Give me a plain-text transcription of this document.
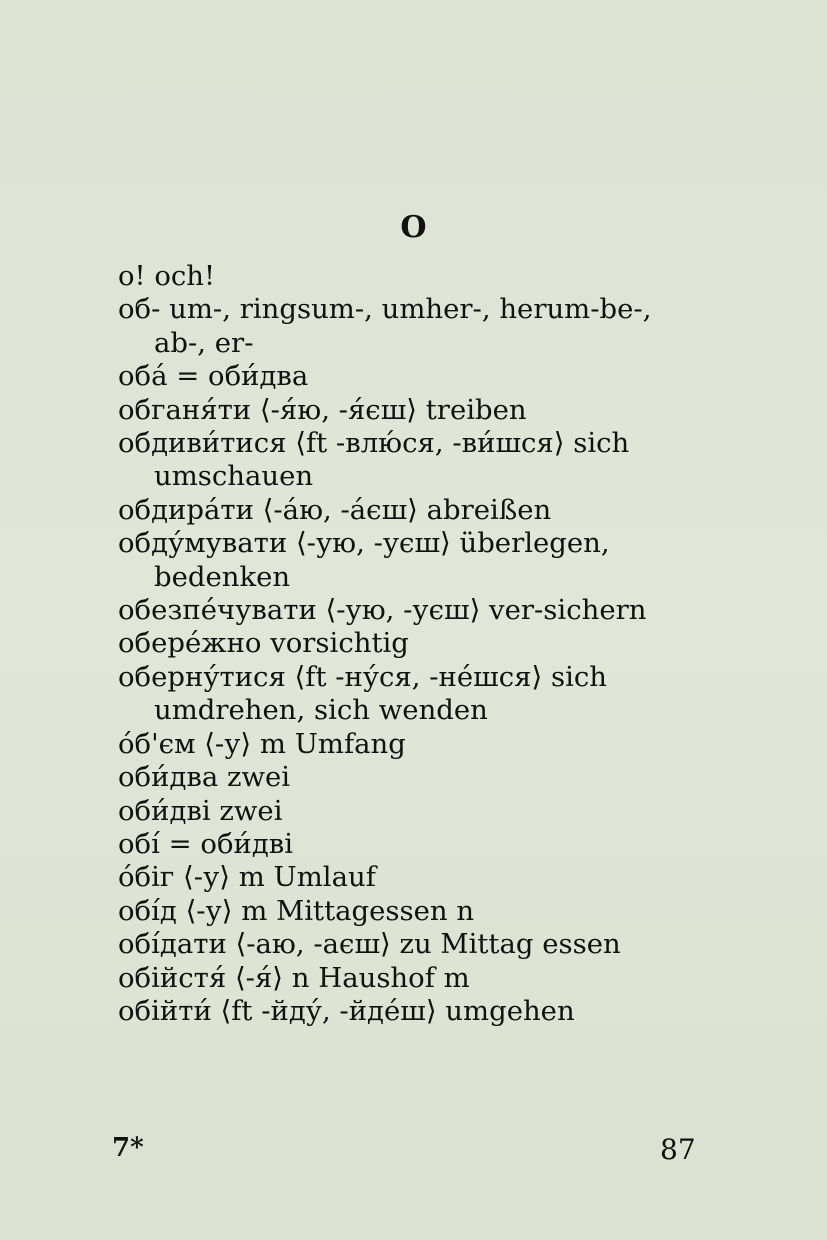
O

о! och!

об- um-, ringsum-, umher-, herum-be-, ab-, er-

оба́ = оби́два

обганя́ти ⟨-я́ю, -я́єш⟩ treiben

обдиви́тися ⟨ft -влю́ся, -ви́шся⟩ sich umschauen

обдира́ти ⟨-а́ю, -а́єш⟩ abreißen

обду́мувати ⟨-ую, -уєш⟩ überlegen, bedenken

обезпе́чувати ⟨-ую, -уєш⟩ ver-sichern

обере́жно vorsichtig

оберну́тися ⟨ft -ну́ся, -не́шся⟩ sich umdrehen, sich wenden

о́б'єм ⟨-у⟩ m Umfang

оби́два zwei

оби́дві zwei

обі́ = оби́дві

о́біг ⟨-у⟩ m Umlauf

обі́д ⟨-у⟩ m Mittagessen n

обі́дати ⟨-аю, -аєш⟩ zu Mittag essen

обійстя́ ⟨-я́⟩ n Haushof m

обійти́ ⟨ft -йду́, -йде́ш⟩ umgehen

7*	87
